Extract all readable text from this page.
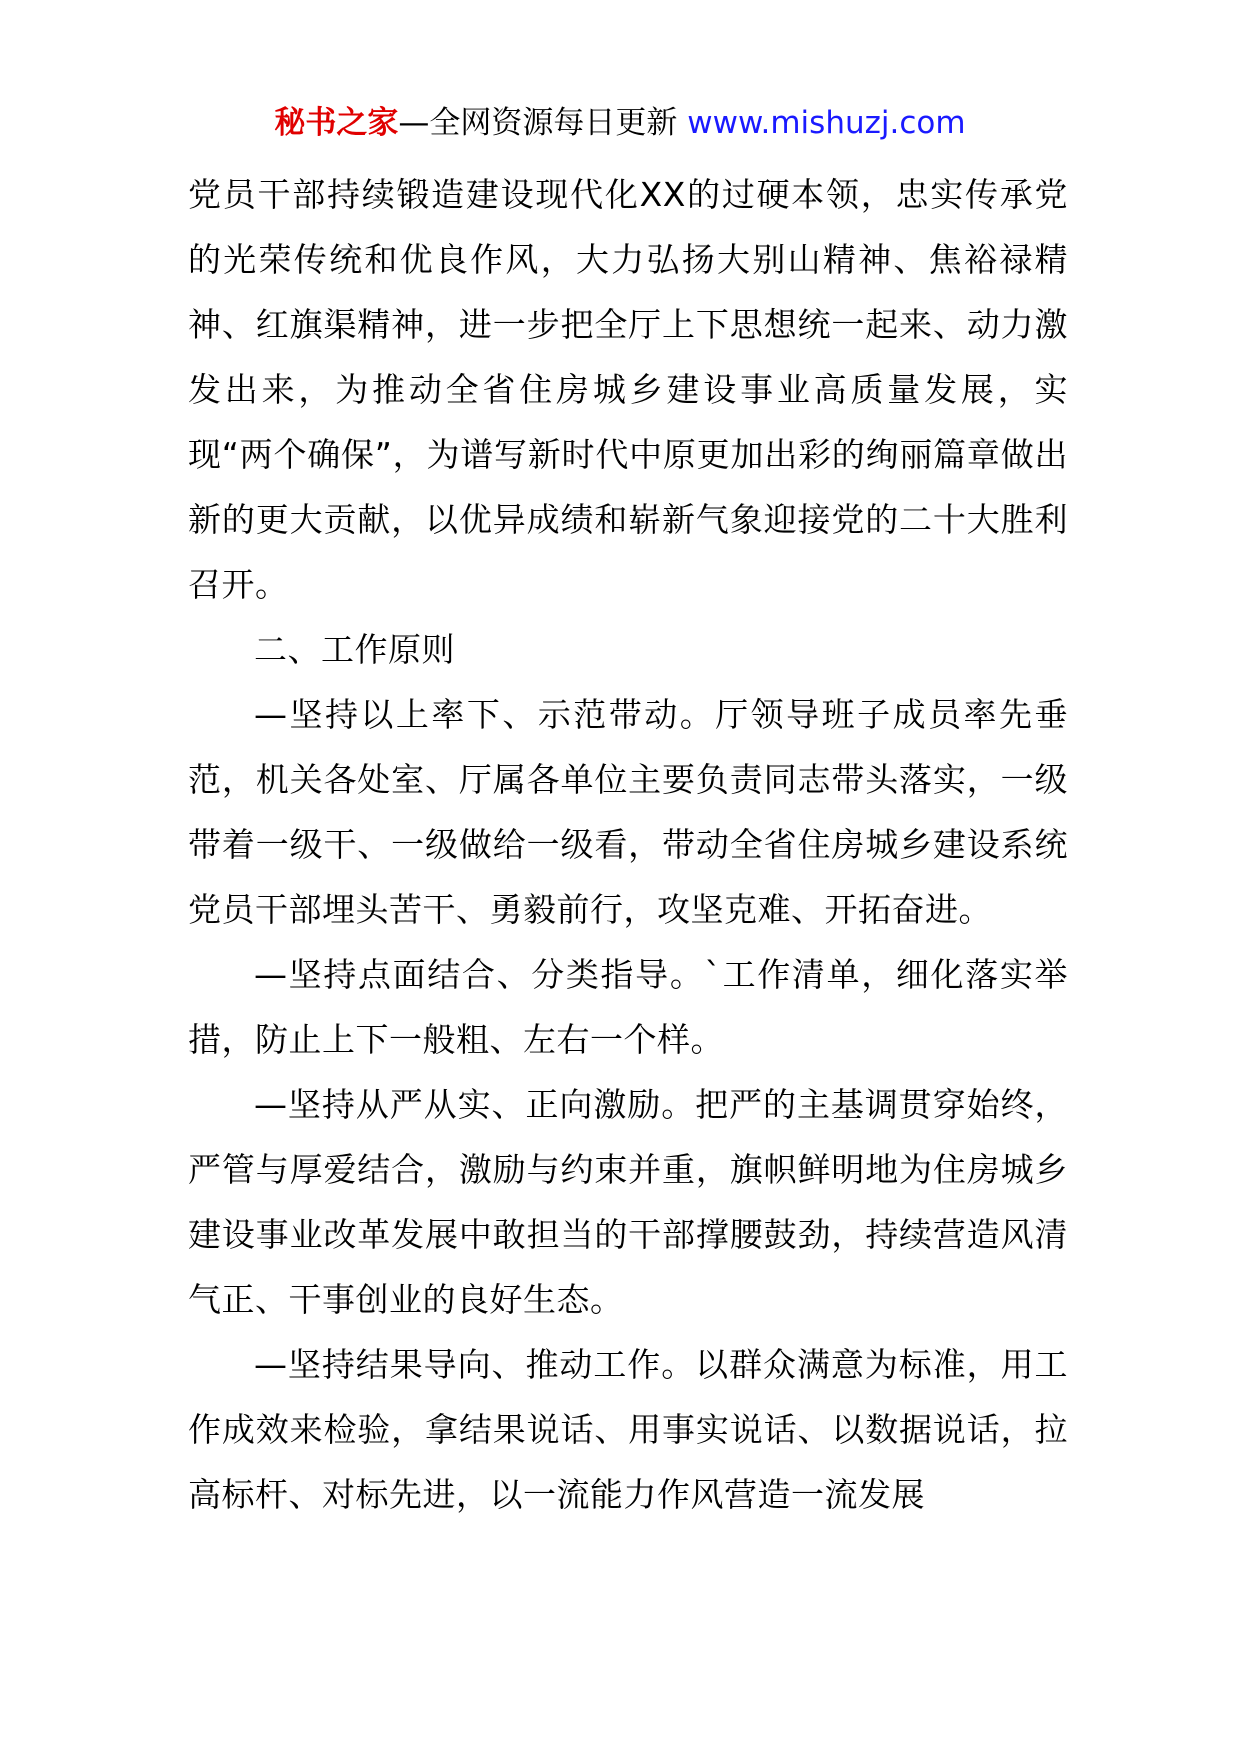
秘书之家—全网资源每日更新 www.mishuzj.com

党员干部持续锻造建设现代化XX的过硬本领，忠实传承党的光荣传统和优良作风，大力弘扬大别山精神、焦裕禄精神、红旗渠精神，进一步把全厅上下思想统一起来、动力激发出来，为推动全省住房城乡建设事业高质量发展，实现“两个确保”，为谱写新时代中原更加出彩的绚丽篇章做出新的更大贡献，以优异成绩和崭新气象迎接党的二十大胜利召开。

二、工作原则

—坚持以上率下、示范带动。厅领导班子成员率先垂范，机关各处室、厅属各单位主要负责同志带头落实，一级带着一级干、一级做给一级看，带动全省住房城乡建设系统党员干部埋头苦干、勇毅前行，攻坚克难、开拓奋进。

—坚持点面结合、分类指导。`工作清单，细化落实举措，防止上下一般粗、左右一个样。

—坚持从严从实、正向激励。把严的主基调贯穿始终，严管与厚爱结合，激励与约束并重，旗帜鲜明地为住房城乡建设事业改革发展中敢担当的干部撑腰鼓劲，持续营造风清气正、干事创业的良好生态。

—坚持结果导向、推动工作。以群众满意为标准，用工作成效来检验，拿结果说话、用事实说话、以数据说话，拉高标杆、对标先进，以一流能力作风营造一流发展
